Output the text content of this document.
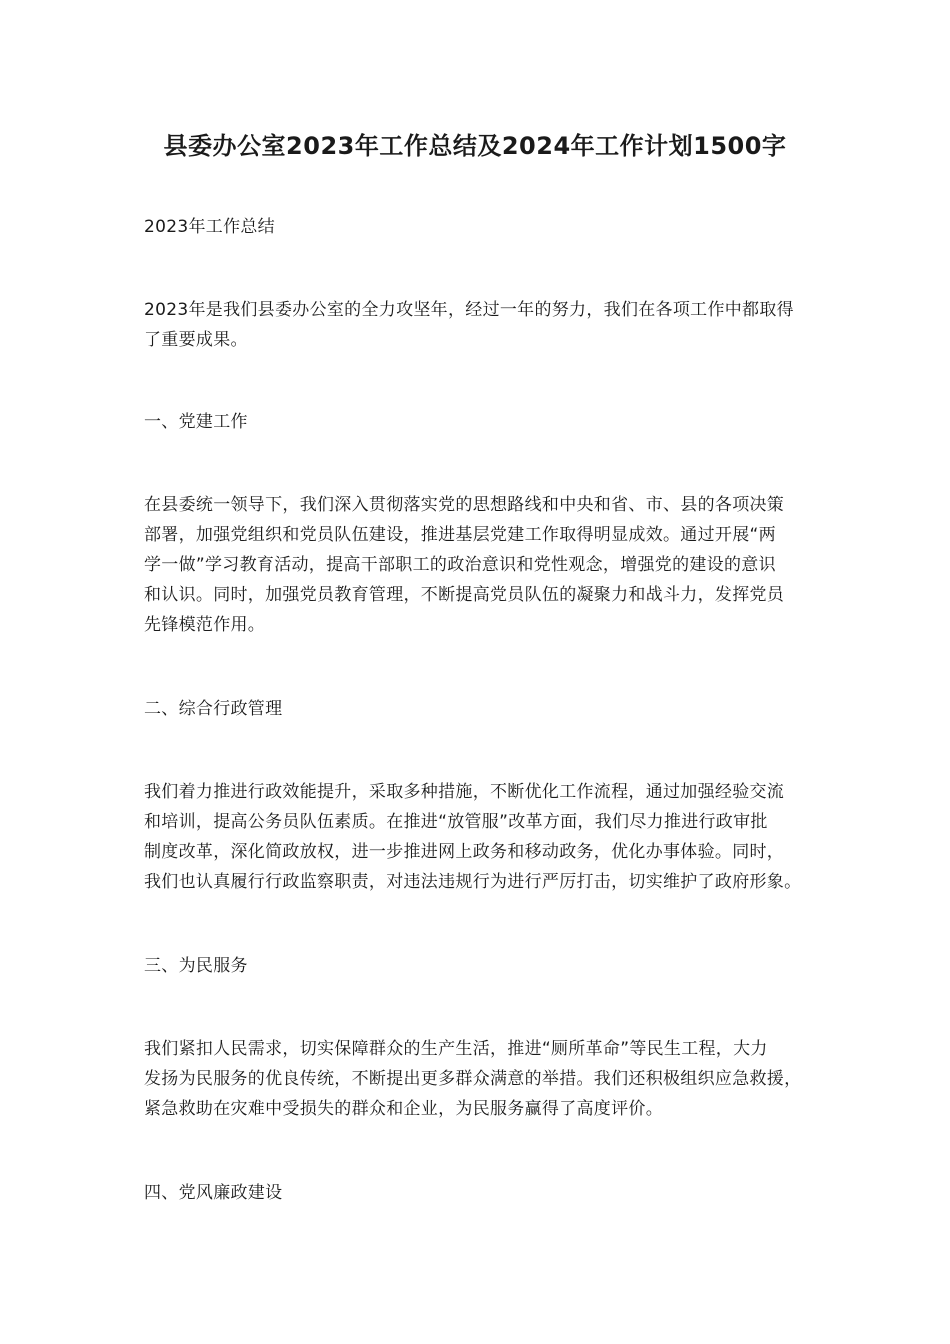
县委办公室2023年工作总结及2024年工作计划1500字

2023年工作总结

2023年是我们县委办公室的全力攻坚年，经过一年的努力，我们在各项工作中都取得
了重要成果。

一、党建工作

在县委统一领导下，我们深入贯彻落实党的思想路线和中央和省、市、县的各项决策
部署，加强党组织和党员队伍建设，推进基层党建工作取得明显成效。通过开展“两
学一做”学习教育活动，提高干部职工的政治意识和党性观念，增强党的建设的意识
和认识。同时，加强党员教育管理，不断提高党员队伍的凝聚力和战斗力，发挥党员
先锋模范作用。

二、综合行政管理

我们着力推进行政效能提升，采取多种措施，不断优化工作流程，通过加强经验交流
和培训，提高公务员队伍素质。在推进“放管服”改革方面，我们尽力推进行政审批
制度改革，深化简政放权，进一步推进网上政务和移动政务，优化办事体验。同时，
我们也认真履行行政监察职责，对违法违规行为进行严厉打击，切实维护了政府形象。

三、为民服务

我们紧扣人民需求，切实保障群众的生产生活，推进“厕所革命”等民生工程，大力
发扬为民服务的优良传统，不断提出更多群众满意的举措。我们还积极组织应急救援，
紧急救助在灾难中受损失的群众和企业，为民服务赢得了高度评价。

四、党风廉政建设
